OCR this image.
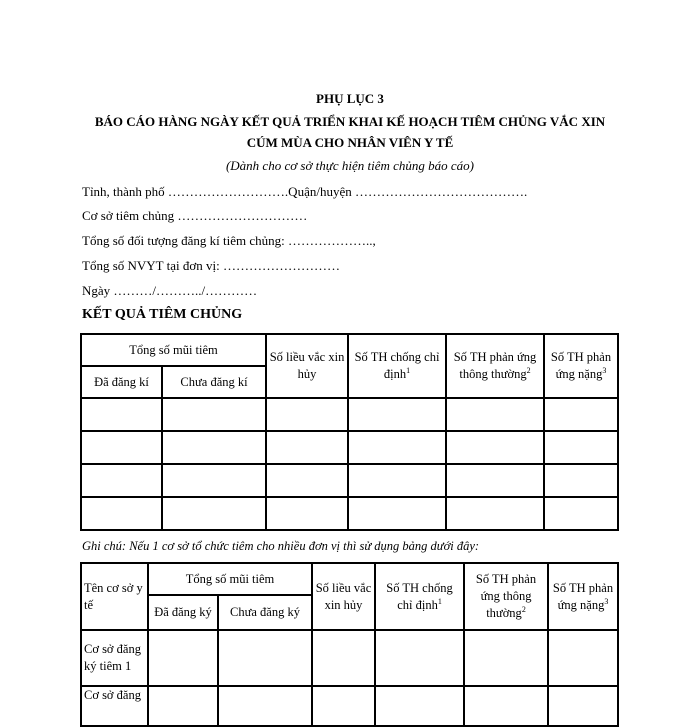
PHỤ LỤC 3
BÁO CÁO HÀNG NGÀY KẾT QUẢ TRIỂN KHAI KẾ HOẠCH TIÊM CHỦNG VẮC XIN
CÚM MÙA CHO NHÂN VIÊN Y TẾ
(Dành cho cơ sở thực hiện tiêm chủng báo cáo)
Tỉnh, thành phố ……………………….Quận/huyện ………………………………….
Cơ sở tiêm chủng …………………………
Tổng số đối tượng đăng kí tiêm chủng: ………………..,
Tổng số NVYT tại đơn vị: ………………………
Ngày ………/………../…………
KẾT QUẢ TIÊM CHỦNG
Tổng số mũi tiêm		Số liều vắc xin hủy	Số TH chống chỉ định$^1$	Số TH phản ứng thông thường$^2$	Số TH phản ứng nặng$^3$
Đã đăng kí	Chưa đăng kí				

Ghi chú: Nếu 1 cơ sở tổ chức tiêm cho nhiều đơn vị thì sử dụng bảng dưới đây:
Tên cơ sở y tế	Tổng số mũi tiêm		Số liều vắc xin hủy	Số TH chống chỉ định$^1$	Số TH phản ứng thông thường$^2$	Số TH phản ứng nặng$^3$
	Đã đăng ký	Chưa đăng ký				
Cơ sở đăng ký tiêm 1						
Cơ sở đăng						
